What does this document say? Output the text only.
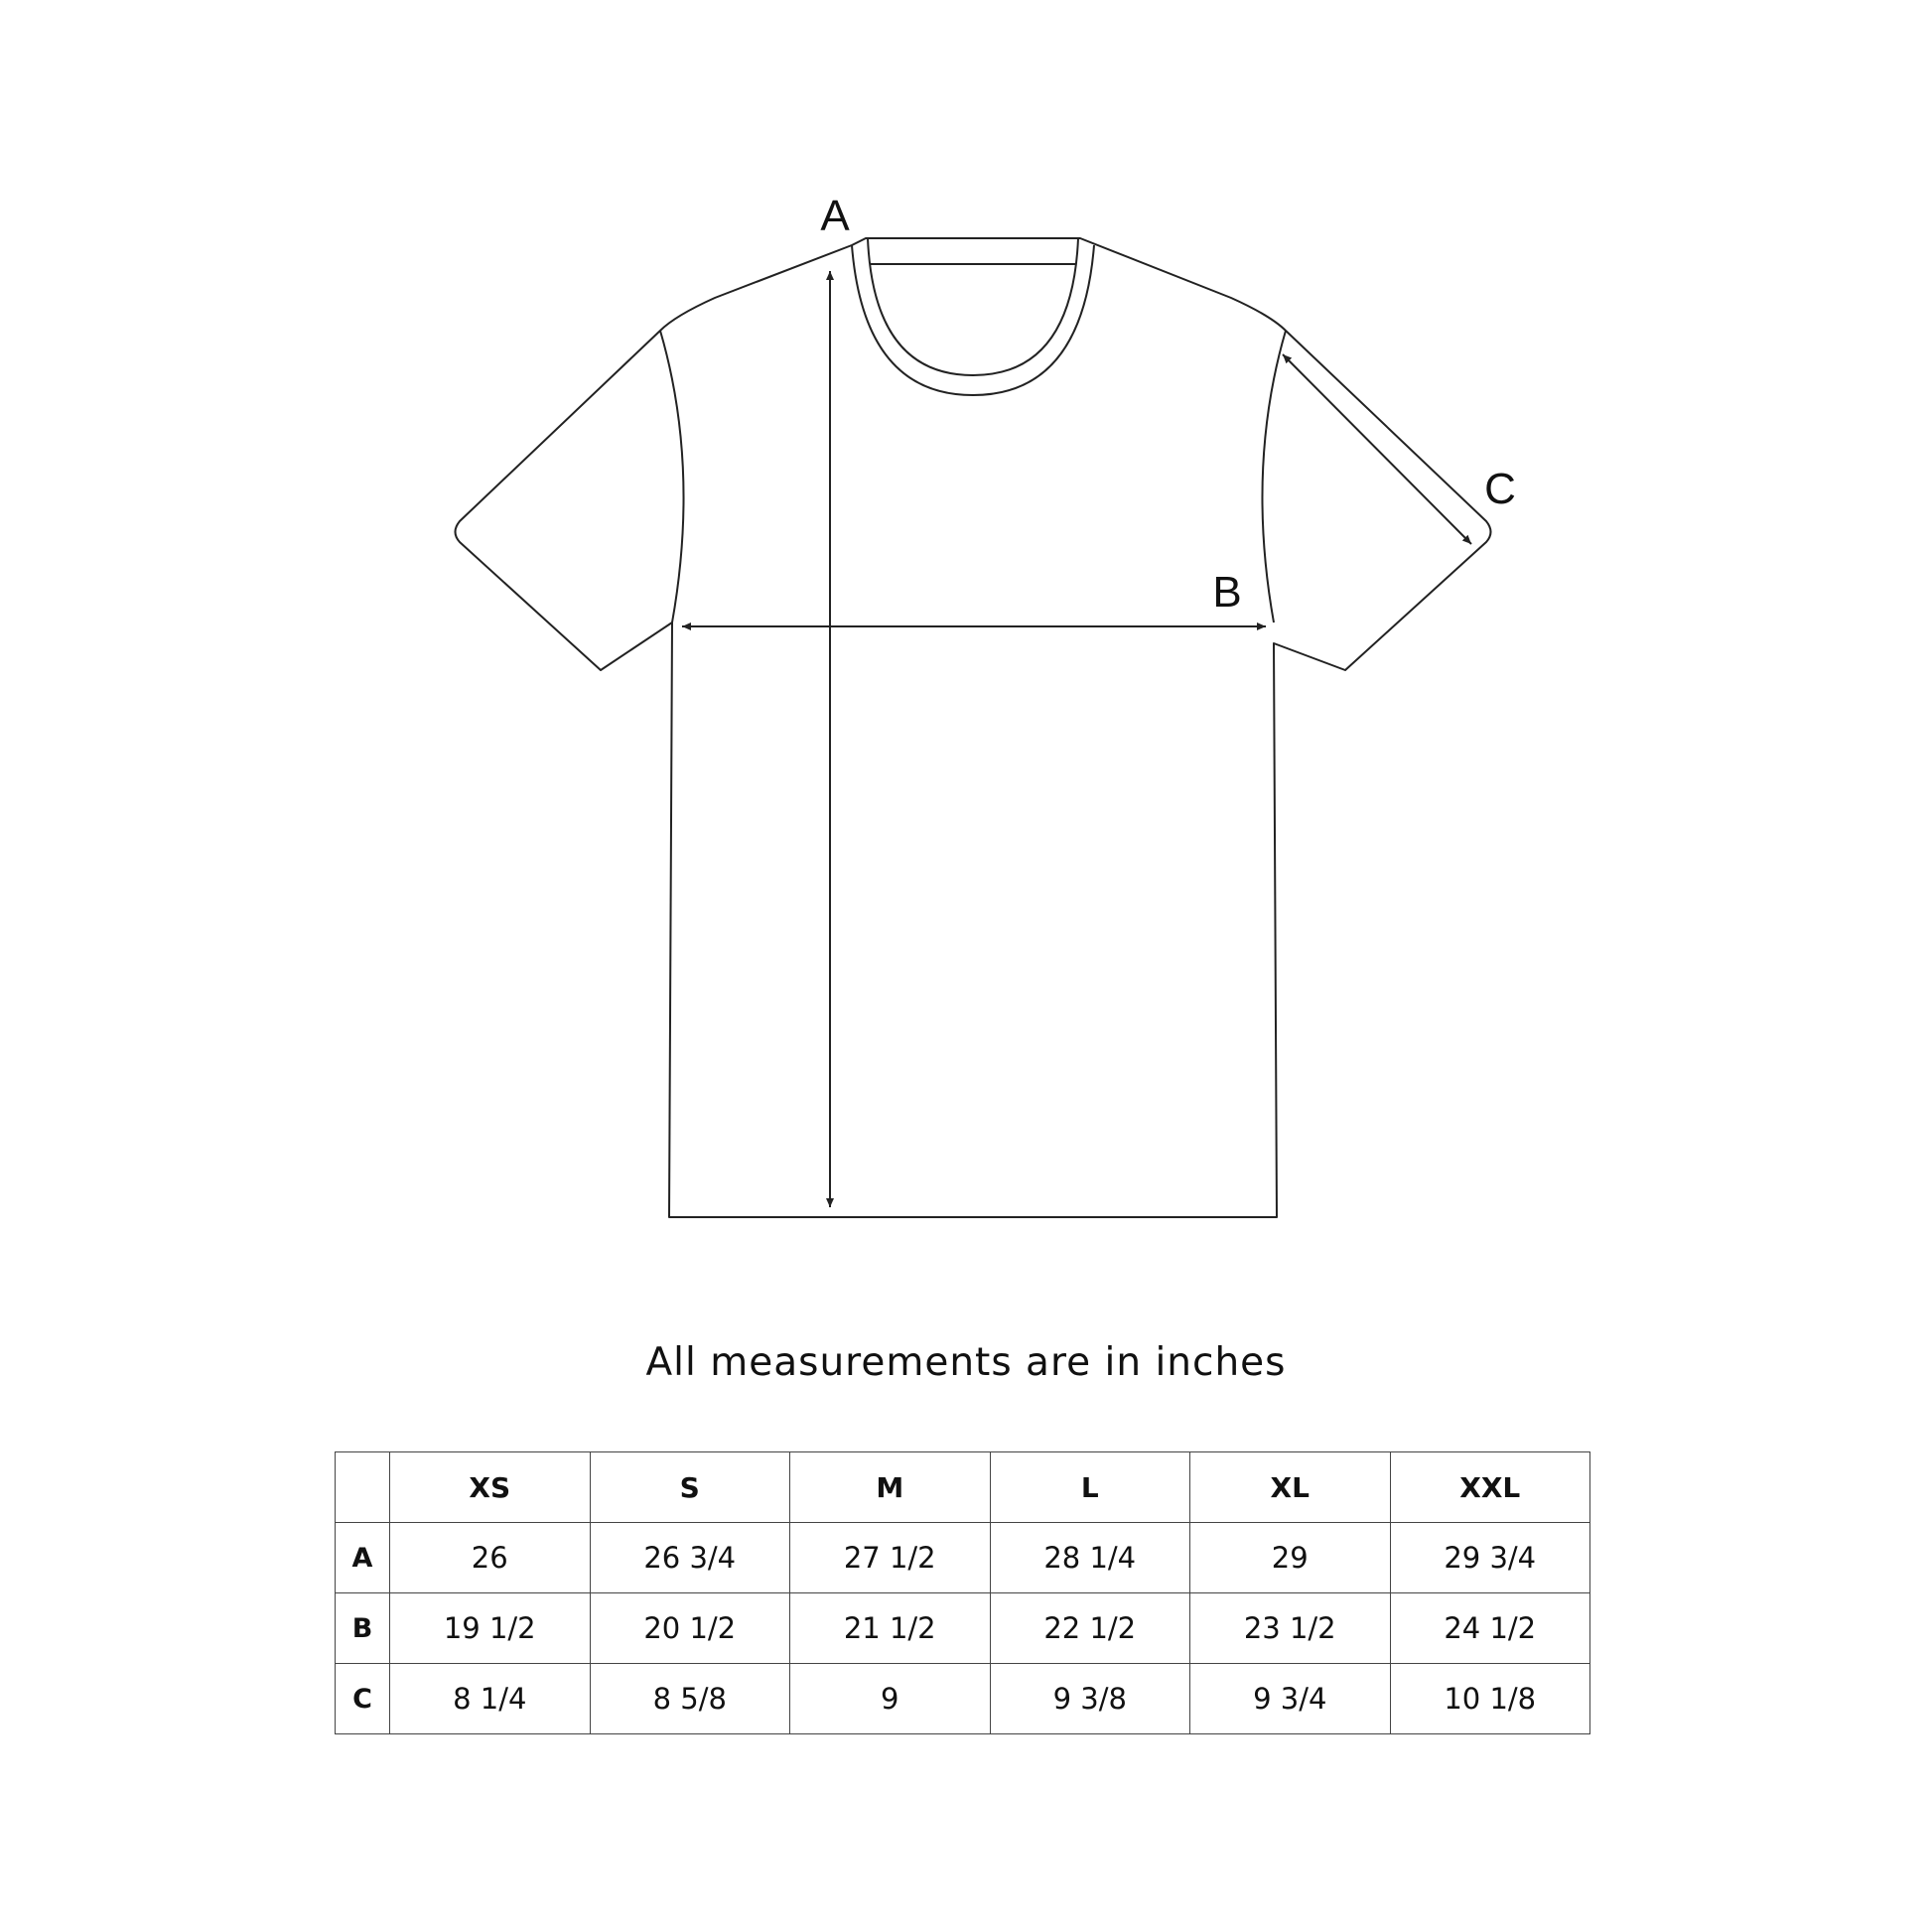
A
B
C
All measurements are in inches
	XS	S	M	L	XL	XXL
A	26	26 3/4	27 1/2	28 1/4	29	29 3/4
B	19 1/2	20 1/2	21 1/2	22 1/2	23 1/2	24 1/2
C	8 1/4	8 5/8	9	9 3/8	9 3/4	10 1/8
